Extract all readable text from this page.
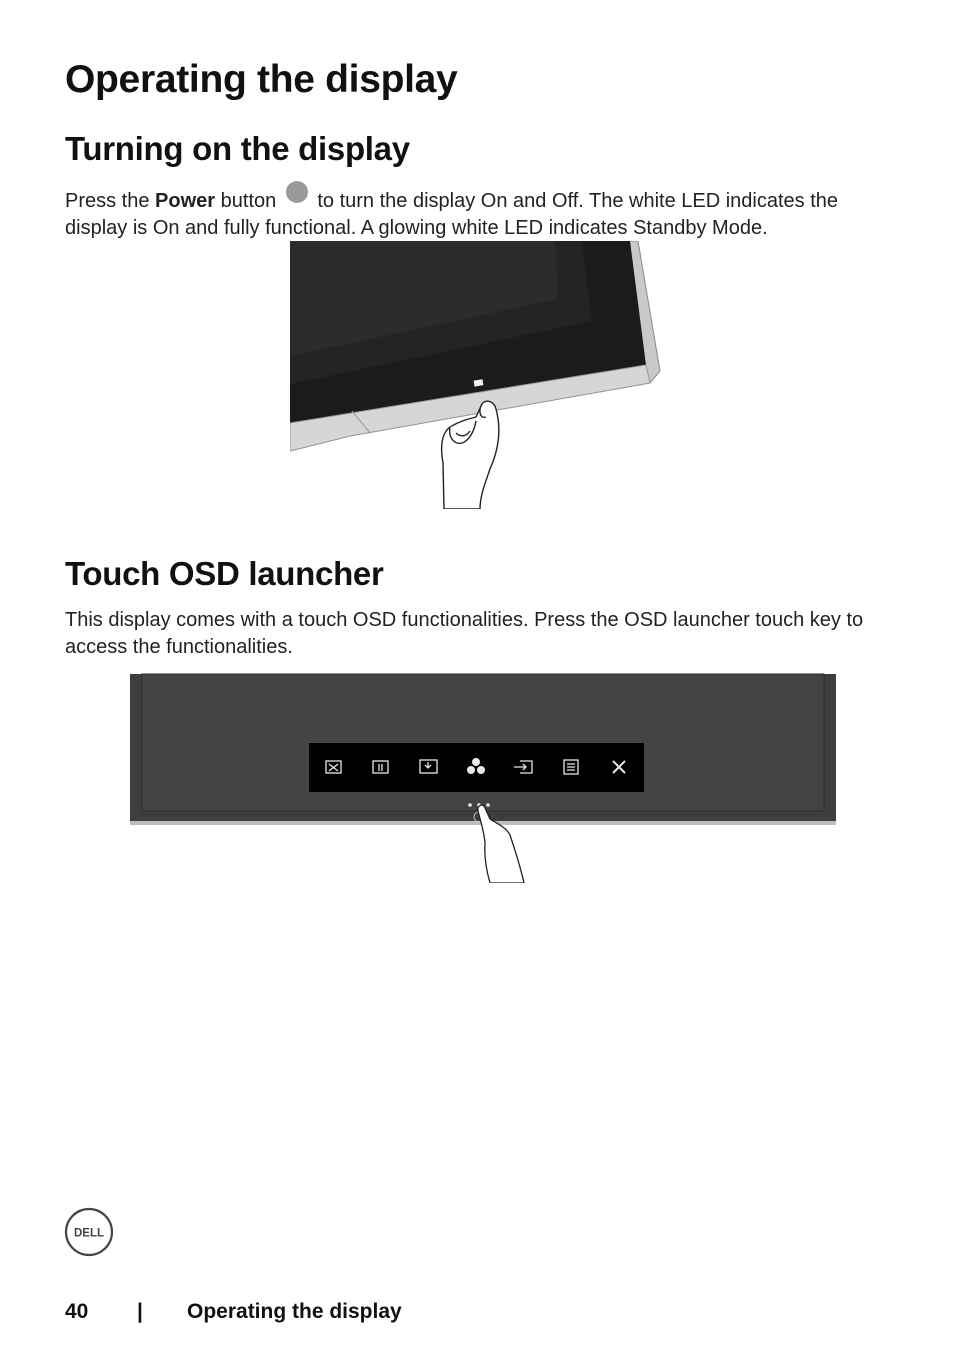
Operating the display
Turning on the display

Press the Power button  to turn the display On and Off. The white LED indicates the display is On and fully functional. A glowing white LED indicates Standby Mode.

Touch OSD launcher

This display comes with a touch OSD functionalities. Press the OSD launcher touch key to access the functionalities.

DELL
40 | Operating the display
